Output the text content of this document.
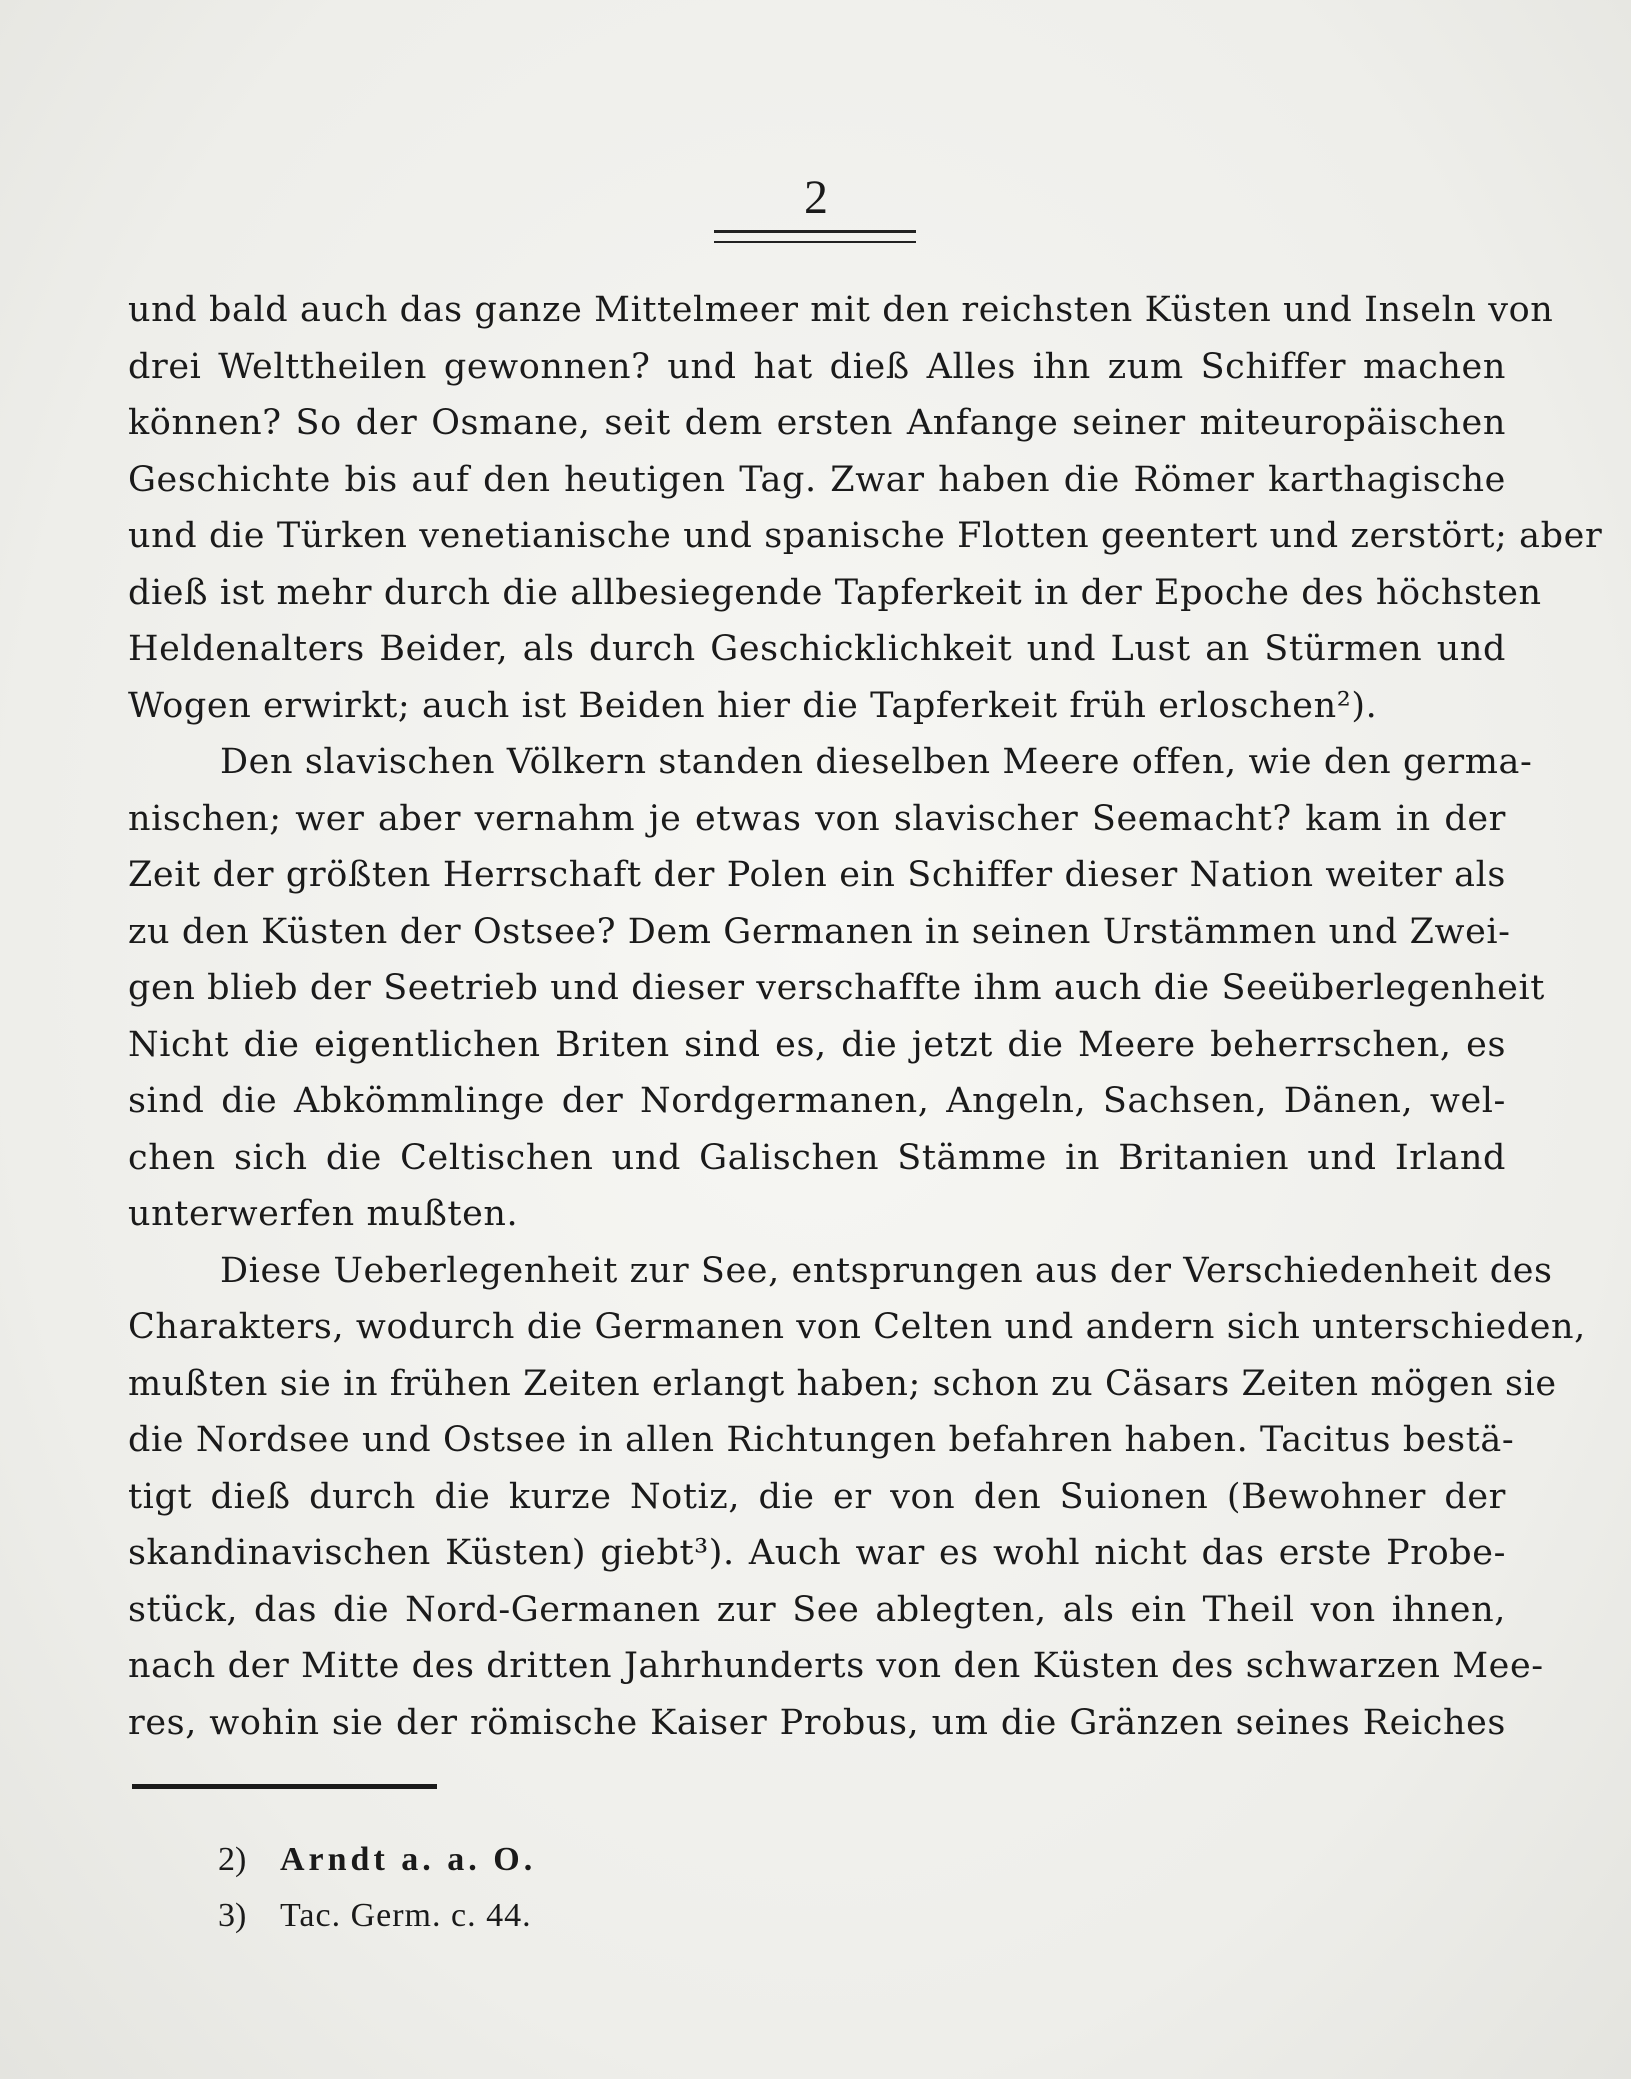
2
und bald auch das ganze Mittelmeer mit den reichsten Küsten und Inseln von
drei Welttheilen gewonnen? und hat dieß Alles ihn zum Schiffer machen
können? So der Osmane, seit dem ersten Anfange seiner miteuropäischen
Geschichte bis auf den heutigen Tag. Zwar haben die Römer karthagische
und die Türken venetianische und spanische Flotten geentert und zerstört; aber
dieß ist mehr durch die allbesiegende Tapferkeit in der Epoche des höchsten
Heldenalters Beider, als durch Geschicklichkeit und Lust an Stürmen und
Wogen erwirkt; auch ist Beiden hier die Tapferkeit früh erloschen²).
Den slavischen Völkern standen dieselben Meere offen, wie den germa-
nischen; wer aber vernahm je etwas von slavischer Seemacht? kam in der
Zeit der größten Herrschaft der Polen ein Schiffer dieser Nation weiter als
zu den Küsten der Ostsee? Dem Germanen in seinen Urstämmen und Zwei-
gen blieb der Seetrieb und dieser verschaffte ihm auch die Seeüberlegenheit
Nicht die eigentlichen Briten sind es, die jetzt die Meere beherrschen, es
sind die Abkömmlinge der Nordgermanen, Angeln, Sachsen, Dänen, wel-
chen sich die Celtischen und Galischen Stämme in Britanien und Irland
unterwerfen mußten.
Diese Ueberlegenheit zur See, entsprungen aus der Verschiedenheit des
Charakters, wodurch die Germanen von Celten und andern sich unterschieden,
mußten sie in frühen Zeiten erlangt haben; schon zu Cäsars Zeiten mögen sie
die Nordsee und Ostsee in allen Richtungen befahren haben. Tacitus bestä-
tigt dieß durch die kurze Notiz, die er von den Suionen (Bewohner der
skandinavischen Küsten) giebt³). Auch war es wohl nicht das erste Probe-
stück, das die Nord-Germanen zur See ablegten, als ein Theil von ihnen,
nach der Mitte des dritten Jahrhunderts von den Küsten des schwarzen Mee-
res, wohin sie der römische Kaiser Probus, um die Gränzen seines Reiches
2) Arndt a. a. O.
3) Tac. Germ. c. 44.
